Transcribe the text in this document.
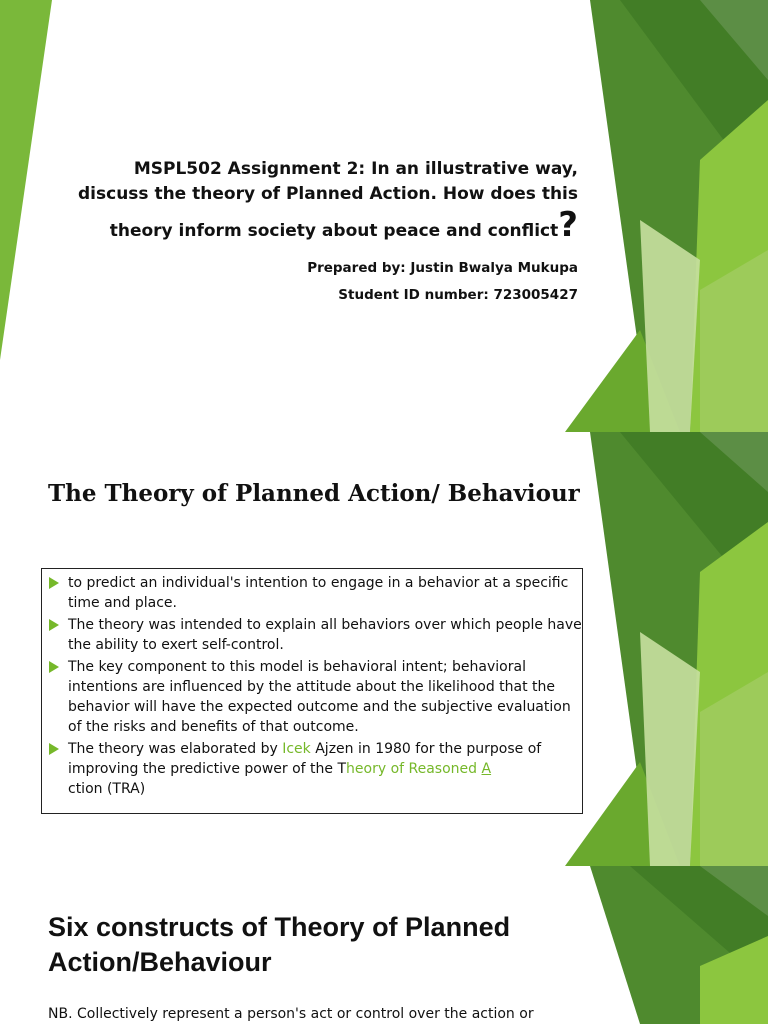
MSPL502 Assignment 2: In an illustrative way,
discuss the theory of Planned Action. How does this
theory inform society about peace and conflict?
Prepared by: Justin Bwalya Mukupa
Student ID number: 723005427
The Theory of Planned Action/ Behaviour
to predict an individual's intention to engage in a behavior at a specific time and place.
The theory was intended to explain all behaviors over which people have the ability to exert self-control.
The key component to this model is behavioral intent; behavioral intentions are influenced by the attitude about the likelihood that the behavior will have the expected outcome and the subjective evaluation of the risks and benefits of that outcome.
The theory was elaborated by Icek Ajzen in 1980 for the purpose of improving the predictive power of the Theory of Reasoned A
ction (TRA)
Six constructs of Theory of Planned Action/Behaviour
NB. Collectively represent a person's act or control over the action or
